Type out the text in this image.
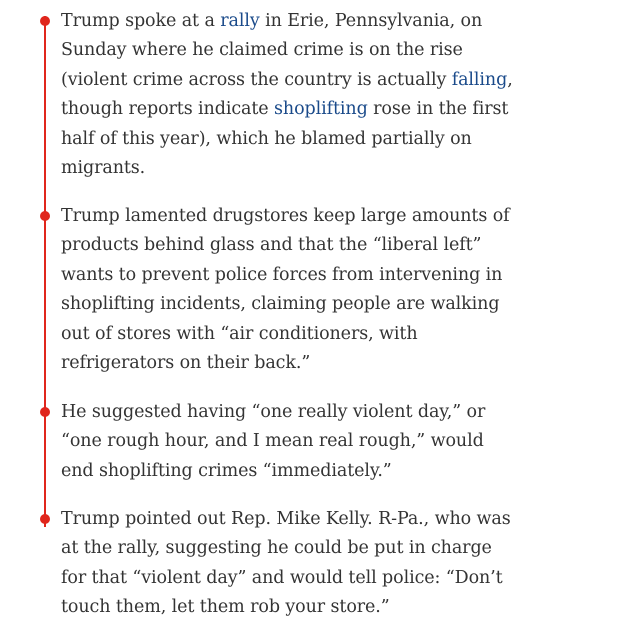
Trump spoke at a rally in Erie, Pennsylvania, on Sunday where he claimed crime is on the rise (violent crime across the country is actually falling, though reports indicate shoplifting rose in the first half of this year), which he blamed partially on migrants.

Trump lamented drugstores keep large amounts of products behind glass and that the “liberal left” wants to prevent police forces from intervening in shoplifting incidents, claiming people are walking out of stores with “air conditioners, with refrigerators on their back.”

He suggested having “one really violent day,” or “one rough hour, and I mean real rough,” would end shoplifting crimes “immediately.”

Trump pointed out Rep. Mike Kelly. R-Pa., who was at the rally, suggesting he could be put in charge for that “violent day” and would tell police: “Don’t touch them, let them rob your store.”
